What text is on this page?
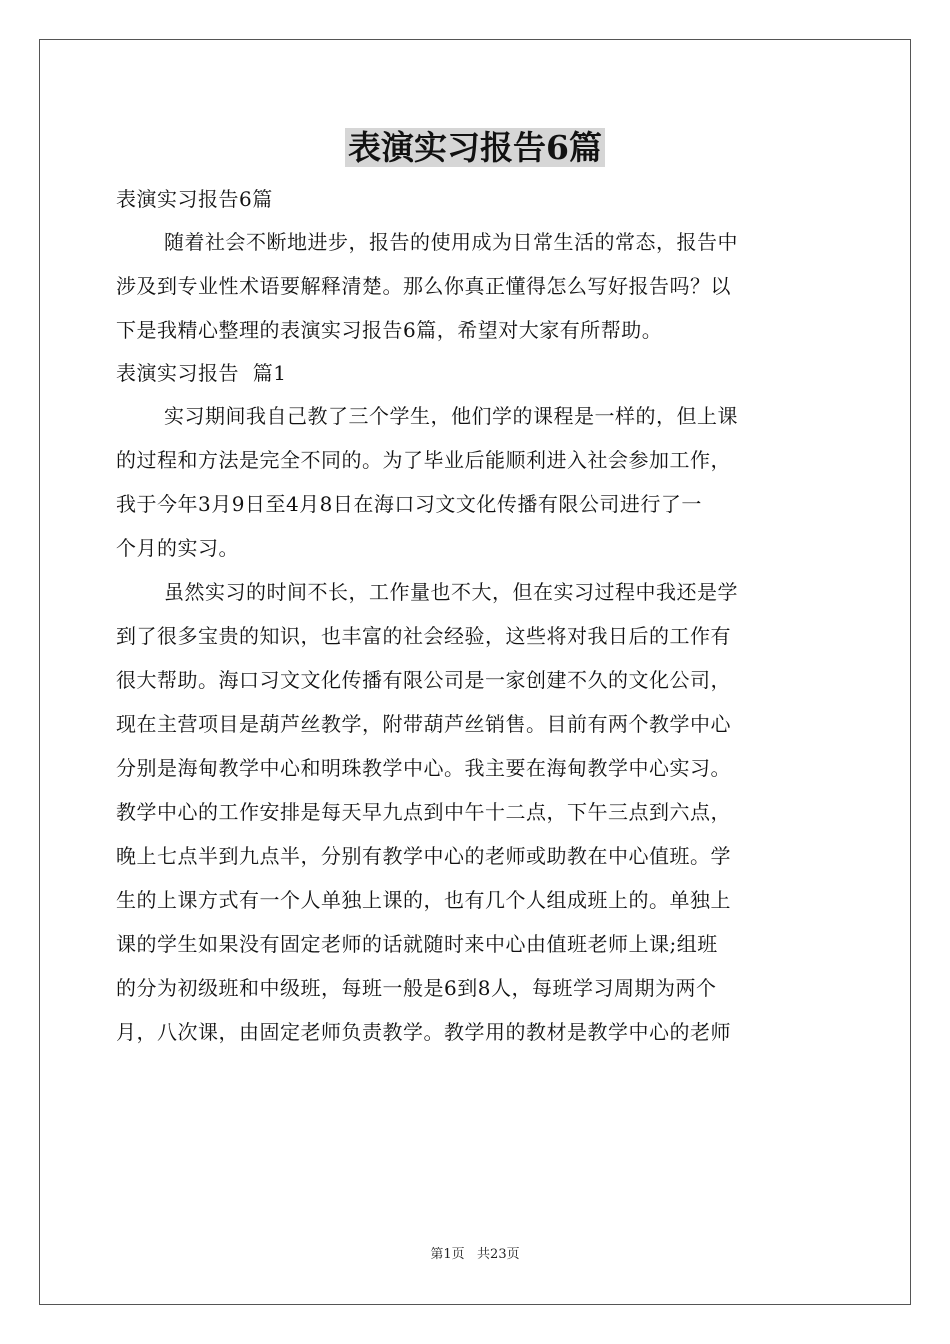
表演实习报告6篇
表演实习报告6篇
随着社会不断地进步，报告的使用成为日常生活的常态，报告中
涉及到专业性术语要解释清楚。那么你真正懂得怎么写好报告吗？以
下是我精心整理的表演实习报告6篇，希望对大家有所帮助。
表演实习报告  篇1
实习期间我自己教了三个学生，他们学的课程是一样的，但上课
的过程和方法是完全不同的。为了毕业后能顺利进入社会参加工作，
我于今年3月9日至4月8日在海口习文文化传播有限公司进行了一
个月的实习。
虽然实习的时间不长，工作量也不大，但在实习过程中我还是学
到了很多宝贵的知识，也丰富的社会经验，这些将对我日后的工作有
很大帮助。海口习文文化传播有限公司是一家创建不久的文化公司，
现在主营项目是葫芦丝教学，附带葫芦丝销售。目前有两个教学中心
分别是海甸教学中心和明珠教学中心。我主要在海甸教学中心实习。
教学中心的工作安排是每天早九点到中午十二点，下午三点到六点，
晚上七点半到九点半，分别有教学中心的老师或助教在中心值班。学
生的上课方式有一个人单独上课的，也有几个人组成班上的。单独上
课的学生如果没有固定老师的话就随时来中心由值班老师上课;组班
的分为初级班和中级班，每班一般是6到8人，每班学习周期为两个
月，八次课，由固定老师负责教学。教学用的教材是教学中心的老师
第1页   共23页
